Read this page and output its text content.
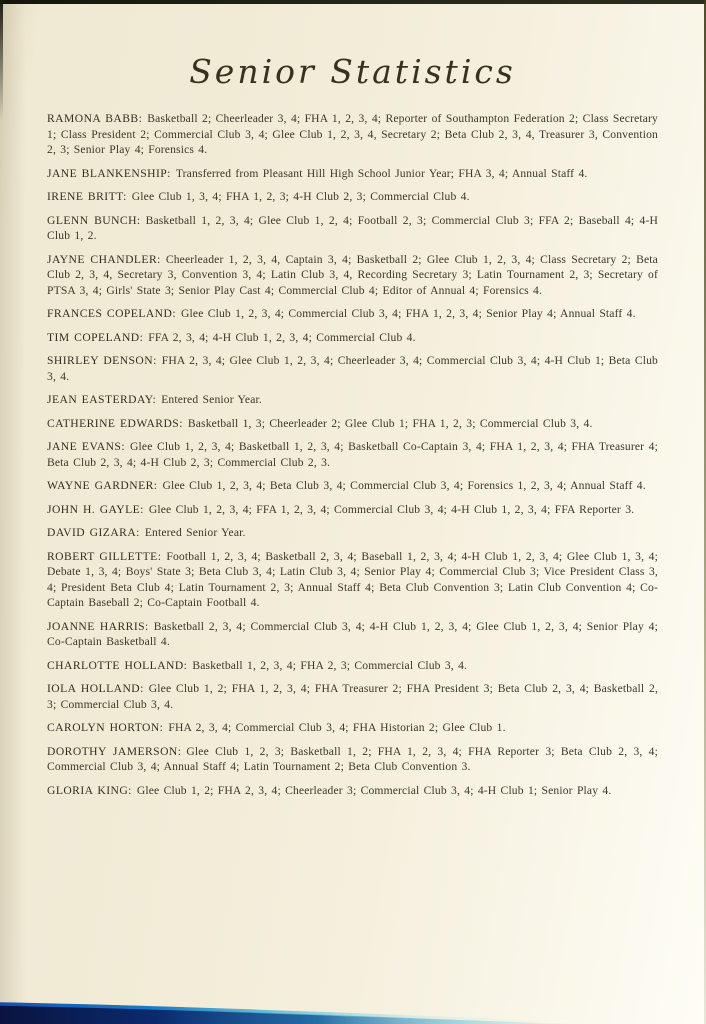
Senior Statistics

RAMONA BABB: Basketball 2; Cheerleader 3, 4; FHA 1, 2, 3, 4; Reporter of Southampton Federation 2; Class Secretary 1; Class President 2; Commercial Club 3, 4; Glee Club 1, 2, 3, 4, Secretary 2; Beta Club 2, 3, 4, Treasurer 3, Convention 2, 3; Senior Play 4; Forensics 4.

JANE BLANKENSHIP: Transferred from Pleasant Hill High School Junior Year; FHA 3, 4; Annual Staff 4.

IRENE BRITT: Glee Club 1, 3, 4; FHA 1, 2, 3; 4-H Club 2, 3; Commercial Club 4.

GLENN BUNCH: Basketball 1, 2, 3, 4; Glee Club 1, 2, 4; Football 2, 3; Commercial Club 3; FFA 2; Baseball 4; 4-H Club 1, 2.

JAYNE CHANDLER: Cheerleader 1, 2, 3, 4, Captain 3, 4; Basketball 2; Glee Club 1, 2, 3, 4; Class Secretary 2; Beta Club 2, 3, 4, Secretary 3, Convention 3, 4; Latin Club 3, 4, Recording Secretary 3; Latin Tournament 2, 3; Secretary of PTSA 3, 4; Girls' State 3; Senior Play Cast 4; Commercial Club 4; Editor of Annual 4; Forensics 4.

FRANCES COPELAND: Glee Club 1, 2, 3, 4; Commercial Club 3, 4; FHA 1, 2, 3, 4; Senior Play 4; Annual Staff 4.

TIM COPELAND: FFA 2, 3, 4; 4-H Club 1, 2, 3, 4; Commercial Club 4.

SHIRLEY DENSON: FHA 2, 3, 4; Glee Club 1, 2, 3, 4; Cheerleader 3, 4; Commercial Club 3, 4; 4-H Club 1; Beta Club 3, 4.

JEAN EASTERDAY: Entered Senior Year.

CATHERINE EDWARDS: Basketball 1, 3; Cheerleader 2; Glee Club 1; FHA 1, 2, 3; Commercial Club 3, 4.

JANE EVANS: Glee Club 1, 2, 3, 4; Basketball 1, 2, 3, 4; Basketball Co-Captain 3, 4; FHA 1, 2, 3, 4; FHA Treasurer 4; Beta Club 2, 3, 4; 4-H Club 2, 3; Commercial Club 2, 3.

WAYNE GARDNER: Glee Club 1, 2, 3, 4; Beta Club 3, 4; Commercial Club 3, 4; Forensics 1, 2, 3, 4; Annual Staff 4.

JOHN H. GAYLE: Glee Club 1, 2, 3, 4; FFA 1, 2, 3, 4; Commercial Club 3, 4; 4-H Club 1, 2, 3, 4; FFA Reporter 3.

DAVID GIZARA: Entered Senior Year.

ROBERT GILLETTE: Football 1, 2, 3, 4; Basketball 2, 3, 4; Baseball 1, 2, 3, 4; 4-H Club 1, 2, 3, 4; Glee Club 1, 3, 4; Debate 1, 3, 4; Boys' State 3; Beta Club 3, 4; Latin Club 3, 4; Senior Play 4; Commercial Club 3; Vice President Class 3, 4; President Beta Club 4; Latin Tournament 2, 3; Annual Staff 4; Beta Club Convention 3; Latin Club Convention 4; Co-Captain Baseball 2; Co-Captain Football 4.

JOANNE HARRIS: Basketball 2, 3, 4; Commercial Club 3, 4; 4-H Club 1, 2, 3, 4; Glee Club 1, 2, 3, 4; Senior Play 4; Co-Captain Basketball 4.

CHARLOTTE HOLLAND: Basketball 1, 2, 3, 4; FHA 2, 3; Commercial Club 3, 4.

IOLA HOLLAND: Glee Club 1, 2; FHA 1, 2, 3, 4; FHA Treasurer 2; FHA President 3; Beta Club 2, 3, 4; Basketball 2, 3; Commercial Club 3, 4.

CAROLYN HORTON: FHA 2, 3, 4; Commercial Club 3, 4; FHA Historian 2; Glee Club 1.

DOROTHY JAMERSON: Glee Club 1, 2, 3; Basketball 1, 2; FHA 1, 2, 3, 4; FHA Reporter 3; Beta Club 2, 3, 4; Commercial Club 3, 4; Annual Staff 4; Latin Tournament 2; Beta Club Convention 3.

GLORIA KING: Glee Club 1, 2; FHA 2, 3, 4; Cheerleader 3; Commercial Club 3, 4; 4-H Club 1; Senior Play 4.
